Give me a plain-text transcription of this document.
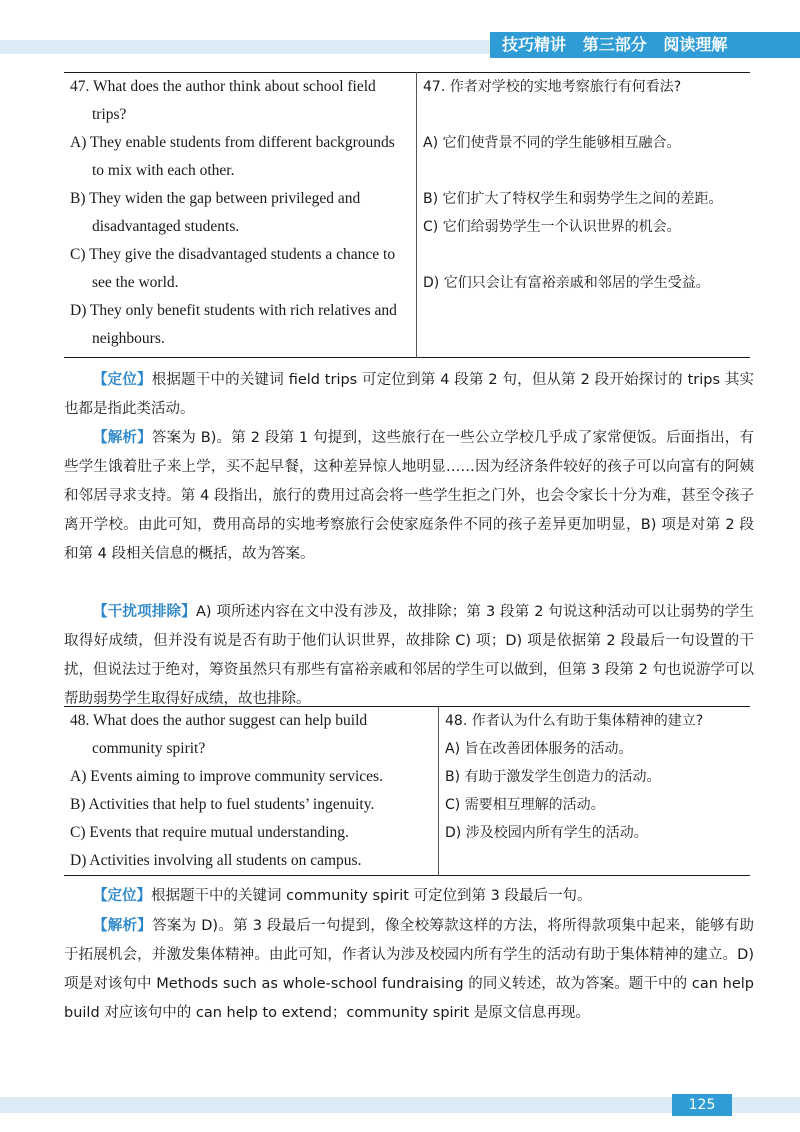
技巧精讲   第三部分   阅读理解
47. What does the author think about school field trips?
A) They enable students from different backgrounds to mix with each other.
B) They widen the gap between privileged and disadvantaged students.
C) They give the disadvantaged students a chance to see the world.
D) They only benefit students with rich relatives and neighbours.

47. 作者对学校的实地考察旅行有何看法?
A) 它们使背景不同的学生能够相互融合。
B) 它们扩大了特权学生和弱势学生之间的差距。
C) 它们给弱势学生一个认识世界的机会。
D) 它们只会让有富裕亲戚和邻居的学生受益。

【定位】根据题干中的关键词 field trips 可定位到第 4 段第 2 句，但从第 2 段开始探讨的 trips 其实也都是指此类活动。

【解析】答案为 B)。第 2 段第 1 句提到，这些旅行在一些公立学校几乎成了家常便饭。后面指出，有些学生饿着肚子来上学，买不起早餐，这种差异惊人地明显……因为经济条件较好的孩子可以向富有的阿姨和邻居寻求支持。第 4 段指出，旅行的费用过高会将一些学生拒之门外，也会令家长十分为难，甚至令孩子离开学校。由此可知，费用高昂的实地考察旅行会使家庭条件不同的孩子差异更加明显，B) 项是对第 2 段和第 4 段相关信息的概括，故为答案。

【干扰项排除】A) 项所述内容在文中没有涉及，故排除；第 3 段第 2 句说这种活动可以让弱势的学生取得好成绩，但并没有说是否有助于他们认识世界，故排除 C) 项；D) 项是依据第 2 段最后一句设置的干扰，但说法过于绝对，筹资虽然只有那些有富裕亲戚和邻居的学生可以做到，但第 3 段第 2 句也说游学可以帮助弱势学生取得好成绩，故也排除。

48. What does the author suggest can help build community spirit?
A) Events aiming to improve community services.
B) Activities that help to fuel students’ ingenuity.
C) Events that require mutual understanding.
D) Activities involving all students on campus.

48. 作者认为什么有助于集体精神的建立?
A) 旨在改善团体服务的活动。
B) 有助于激发学生创造力的活动。
C) 需要相互理解的活动。
D) 涉及校园内所有学生的活动。

【定位】根据题干中的关键词 community spirit 可定位到第 3 段最后一句。

【解析】答案为 D)。第 3 段最后一句提到，像全校筹款这样的方法，将所得款项集中起来，能够有助于拓展机会，并激发集体精神。由此可知，作者认为涉及校园内所有学生的活动有助于集体精神的建立。D) 项是对该句中 Methods such as whole-school fundraising 的同义转述，故为答案。题干中的 can help build 对应该句中的 can help to extend；community spirit 是原文信息再现。

125
